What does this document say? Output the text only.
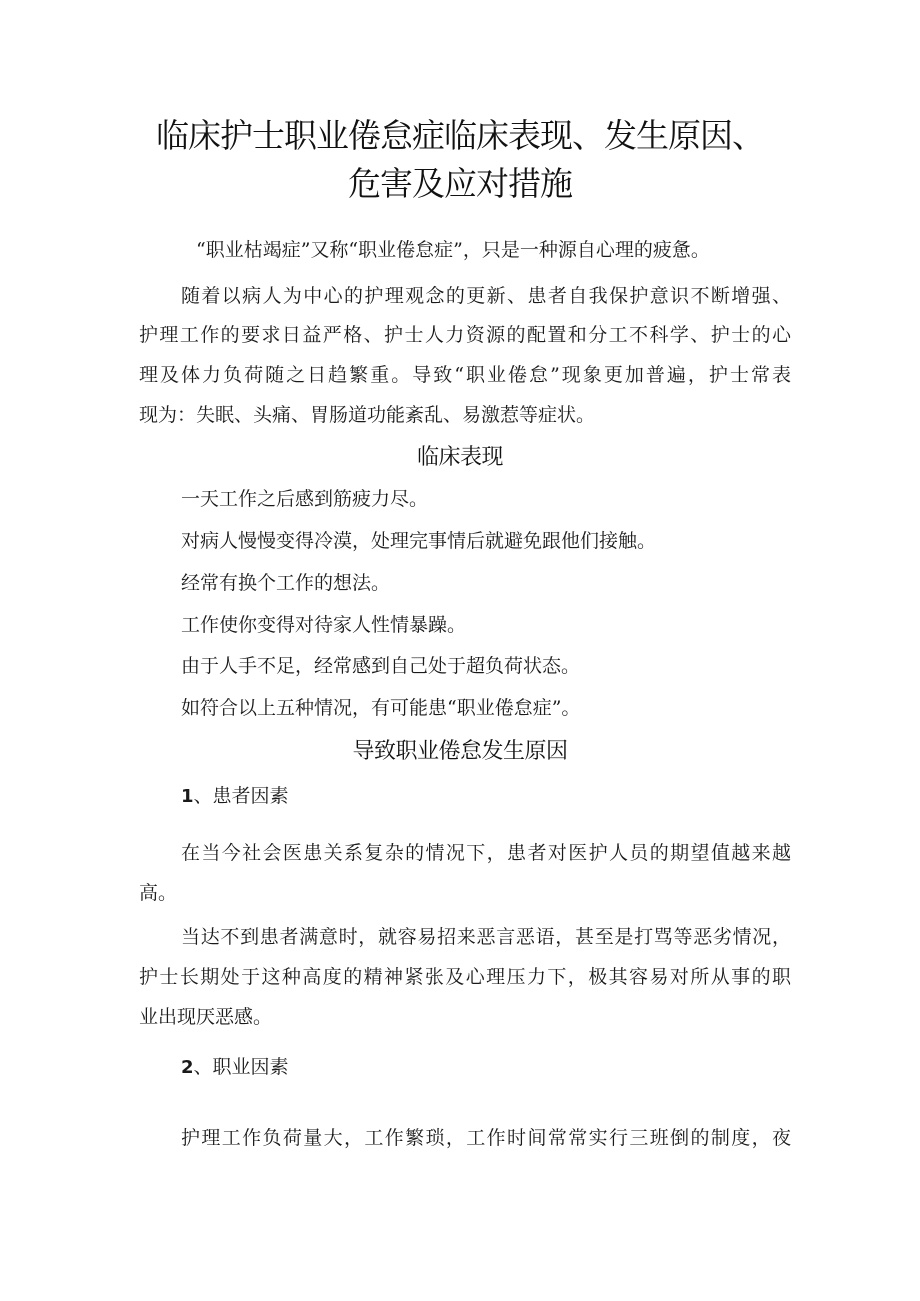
临床护士职业倦怠症临床表现、发生原因、
危害及应对措施

“职业枯竭症”又称“职业倦怠症”，只是一种源自心理的疲惫。

随着以病人为中心的护理观念的更新、患者自我保护意识不断增强、

护理工作的要求日益严格、护士人力资源的配置和分工不科学、护士的心

理及体力负荷随之日趋繁重。导致“职业倦怠”现象更加普遍，护士常表

现为：失眠、头痛、胃肠道功能紊乱、易激惹等症状。

临床表现

一天工作之后感到筋疲力尽。

对病人慢慢变得冷漠，处理完事情后就避免跟他们接触。

经常有换个工作的想法。

工作使你变得对待家人性情暴躁。

由于人手不足，经常感到自己处于超负荷状态。

如符合以上五种情况，有可能患“职业倦怠症”。

导致职业倦怠发生原因

1、患者因素

在当今社会医患关系复杂的情况下，患者对医护人员的期望值越来越

高。

当达不到患者满意时，就容易招来恶言恶语，甚至是打骂等恶劣情况，

护士长期处于这种高度的精神紧张及心理压力下，极其容易对所从事的职

业出现厌恶感。

2、职业因素

护理工作负荷量大，工作繁琐，工作时间常常实行三班倒的制度，夜
